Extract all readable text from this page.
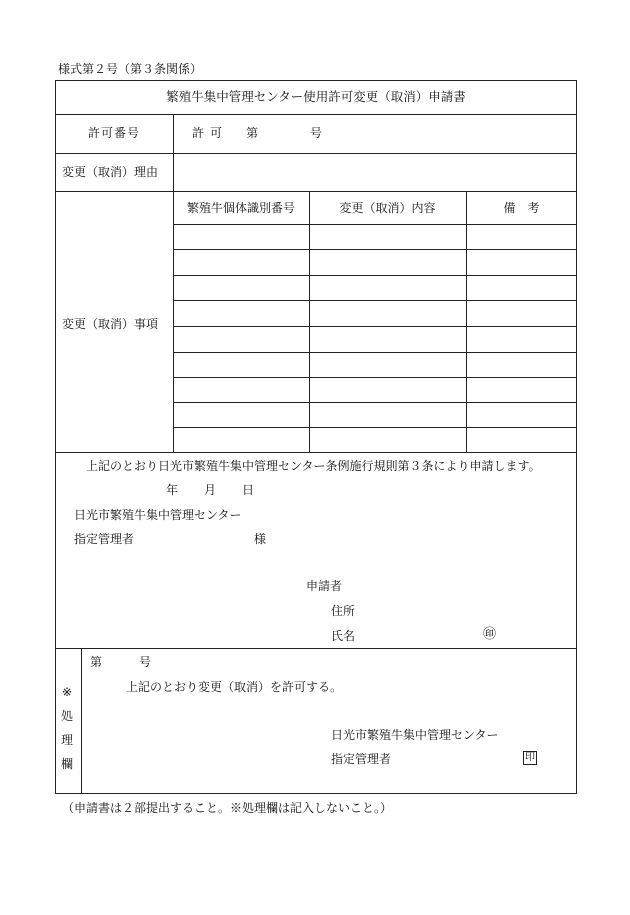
様式第２号（第３条関係）
繁殖牛集中管理センター使用許可変更（取消）申請書
許可番号	許可 第	号
変更（取消）理由
変更（取消）事項
繁殖牛個体識別番号	変更（取消）内容	備　考
上記のとおり日光市繁殖牛集中管理センター条例施行規則第３条により申請します。
年 月 日
日光市繁殖牛集中管理センター
指定管理者	様
申請者
住所
氏名	㊞
※
処
理
欄
第	号
上記のとおり変更（取消）を許可する。
日光市繁殖牛集中管理センター
指定管理者	印
（申請書は２部提出すること。※処理欄は記入しないこと。）
